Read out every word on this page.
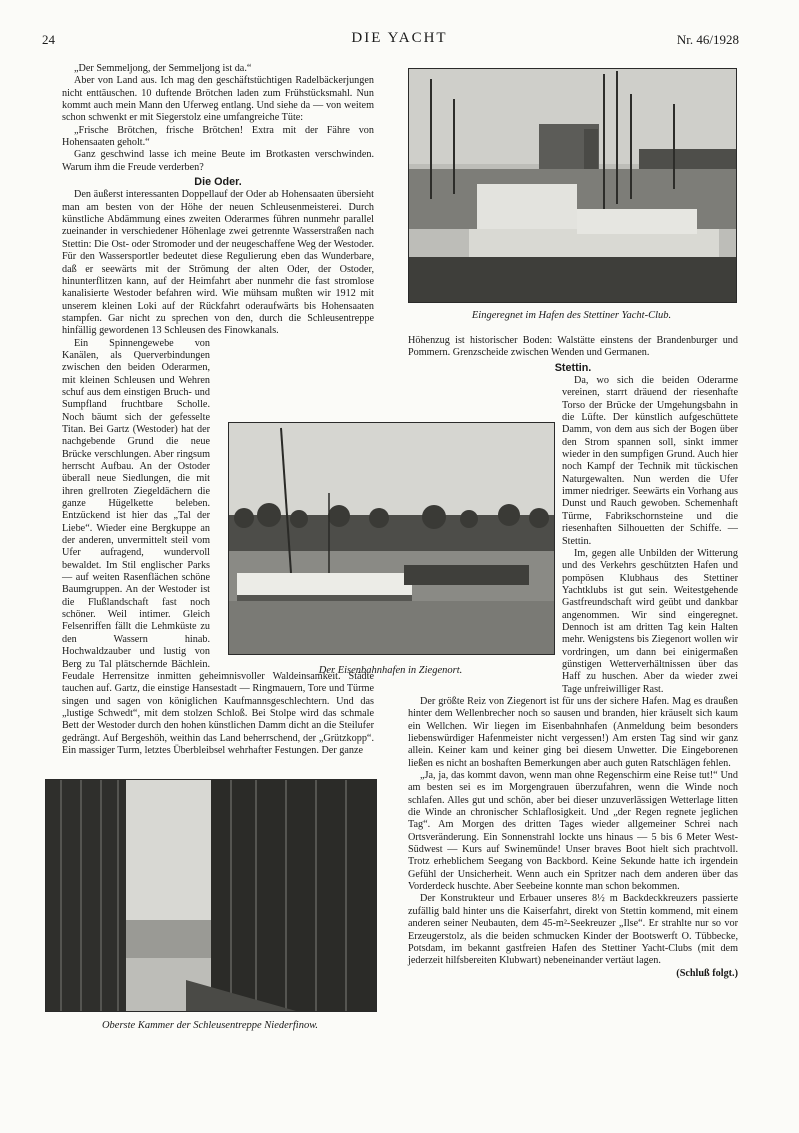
24	DIE YACHT	Nr. 46/1928
Eingeregnet im Hafen des Stettiner Yacht-Club.
Der Eisenbahnhafen in Ziegenort.
Oberste Kammer der Schleusentreppe Niederfinow.

„Der Semmeljong, der Semmeljong ist da.“

Aber von Land aus. Ich mag den geschäftstüchtigen Radelbäckerjungen nicht enttäuschen. 10 duftende Brötchen laden zum Frühstücksmahl. Nun kommt auch mein Mann den Uferweg entlang. Und siehe da — von weitem schon schwenkt er mit Siegerstolz eine umfangreiche Tüte:

„Frische Brötchen, frische Brötchen! Extra mit der Fähre von Hohensaaten geholt.“

Ganz geschwind lasse ich meine Beute im Brotkasten verschwinden. Warum ihm die Freude verderben?

Die Oder.

Den äußerst interessanten Doppellauf der Oder ab Hohensaaten übersieht man am besten von der Höhe der neuen Schleusenmeisterei. Durch künstliche Abdämmung eines zweiten Oderarmes führen nunmehr parallel zueinander in verschiedener Höhenlage zwei getrennte Wasserstraßen nach Stettin: Die Ost- oder Stromoder und der neugeschaffene Weg der Westoder. Für den Wassersportler bedeutet diese Regulierung eben das Wunderbare, daß er seewärts mit der Strömung der alten Oder, der Ostoder, hinunterflitzen kann, auf der Heimfahrt aber nunmehr die fast stromlose kanalisierte Westoder befahren wird. Wie mühsam mußten wir 1912 mit unserem kleinen Loki auf der Rückfahrt oderaufwärts bis Hohensaaten stampfen. Gar nicht zu sprechen von den, durch die Schleusentreppe hinfällig gewordenen 13 Schleusen des Finowkanals.

Ein Spinnengewebe von Kanälen, als Querverbindungen zwischen den beiden Oderarmen, mit kleinen Schleusen und Wehren schuf aus dem einstigen Bruch- und Sumpfland fruchtbare Scholle. Noch bäumt sich der gefesselte Titan. Bei Gartz (Westoder) hat der nachgebende Grund die neue Brücke verschlungen. Aber ringsum herrscht Aufbau. An der Ostoder überall neue Siedlungen, die mit ihren grellroten Ziegeldächern die ganze Hügelkette beleben. Entzückend ist hier das „Tal der Liebe“. Wieder eine Bergkuppe an der anderen, unvermittelt steil vom Ufer aufragend, wundervoll bewaldet. Im Stil englischer Parks — auf weiten Rasenflächen schöne Baumgruppen. An der Westoder ist die Flußlandschaft fast noch schöner. Weil intimer. Gleich Felsenriffen fällt die Lehmküste zu den Wassern hinab. Hochwaldzauber und lustig von Berg zu Tal plätschernde Bächlein. Feudale Herrensitze inmitten geheimnisvoller Waldeinsamkeit. Städte tauchen auf. Gartz, die einstige Hansestadt — Ringmauern, Tore und Türme singen und sagen von königlichen Kaufmannsgeschlechtern. Und das „lustige Schwedt“, mit dem stolzen Schloß. Bei Stolpe wird das schmale Bett der Westoder durch den hohen künstlichen Damm dicht an die Steilufer gedrängt. Auf Bergeshöh, weithin das Land beherrschend, der „Grützkopp“. Ein massiger Turm, letztes Überbleibsel wehrhafter Festungen. Der ganze

Höhenzug ist historischer Boden: Walstätte einstens der Brandenburger und Pommern. Grenzscheide zwischen Wenden und Germanen.

Stettin.

Da, wo sich die beiden Oderarme vereinen, starrt dräuend der riesenhafte Torso der Brücke der Umgehungsbahn in die Lüfte. Der künstlich aufgeschüttete Damm, von dem aus sich der Bogen über den Strom spannen soll, sinkt immer wieder in den sumpfigen Grund. Auch hier noch Kampf der Technik mit tückischen Naturgewalten. Nun werden die Ufer immer niedriger. Seewärts ein Vorhang aus Dunst und Rauch gewoben. Schemenhaft Türme, Fabrikschornsteine und die riesenhaften Silhouetten der Schiffe. — Stettin.

Im, gegen alle Unbilden der Witterung und des Verkehrs geschützten Hafen und pompösen Klubhaus des Stettiner Yachtklubs ist gut sein. Weitestgehende Gastfreundschaft wird geübt und dankbar angenommen. Wir sind eingeregnet. Dennoch ist am dritten Tag kein Halten mehr. Wenigstens bis Ziegenort wollen wir vordringen, um dann bei einigermaßen günstigen Wetterverhältnissen über das Haff zu huschen. Aber da wieder zwei Tage unfreiwilliger Rast.

Der größte Reiz von Ziegenort ist für uns der sichere Hafen. Mag es draußen hinter dem Wellenbrecher noch so sausen und branden, hier kräuselt sich kaum ein Wellchen. Wir liegen im Eisenbahnhafen (Anmeldung beim besonders liebenswürdiger Hafenmeister nicht vergessen!) Am ersten Tag sind wir ganz allein. Keiner kam und keiner ging bei diesem Unwetter. Die Eingeborenen ließen es nicht an boshaften Bemerkungen aber auch guten Ratschlägen fehlen.

„Ja, ja, das kommt davon, wenn man ohne Regenschirm eine Reise tut!“ Und am besten sei es im Morgengrauen überzufahren, wenn die Winde noch schlafen. Alles gut und schön, aber bei dieser unzuverlässigen Wetterlage litten die Winde an chronischer Schlaflosigkeit. Und „der Regen regnete jeglichen Tag“. Am Morgen des dritten Tages wieder allgemeiner Schrei nach Ortsveränderung. Ein Sonnenstrahl lockte uns hinaus — 5 bis 6 Meter West-Südwest — Kurs auf Swinemünde! Unser braves Boot hielt sich prachtvoll. Trotz erheblichem Seegang von Backbord. Keine Sekunde hatte ich irgendein Gefühl der Unsicherheit. Wenn auch ein Spritzer nach dem anderen über das Vorderdeck huschte. Aber Seebeine konnte man schon bekommen.

Der Konstrukteur und Erbauer unseres 8½ m Backdeckkreuzers passierte zufällig bald hinter uns die Kaiserfahrt, direkt von Stettin kommend, mit einem anderen seiner Neubauten, dem 45-m²-Seekreuzer „Ilse“. Er strahlte nur so vor Erzeugerstolz, als die beiden schmucken Kinder der Bootswerft O. Tübbecke, Potsdam, im bekannt gastfreien Hafen des Stettiner Yacht-Clubs (mit dem jederzeit hilfsbereiten Klubwart) nebeneinander vertäut lagen.

(Schluß folgt.)
